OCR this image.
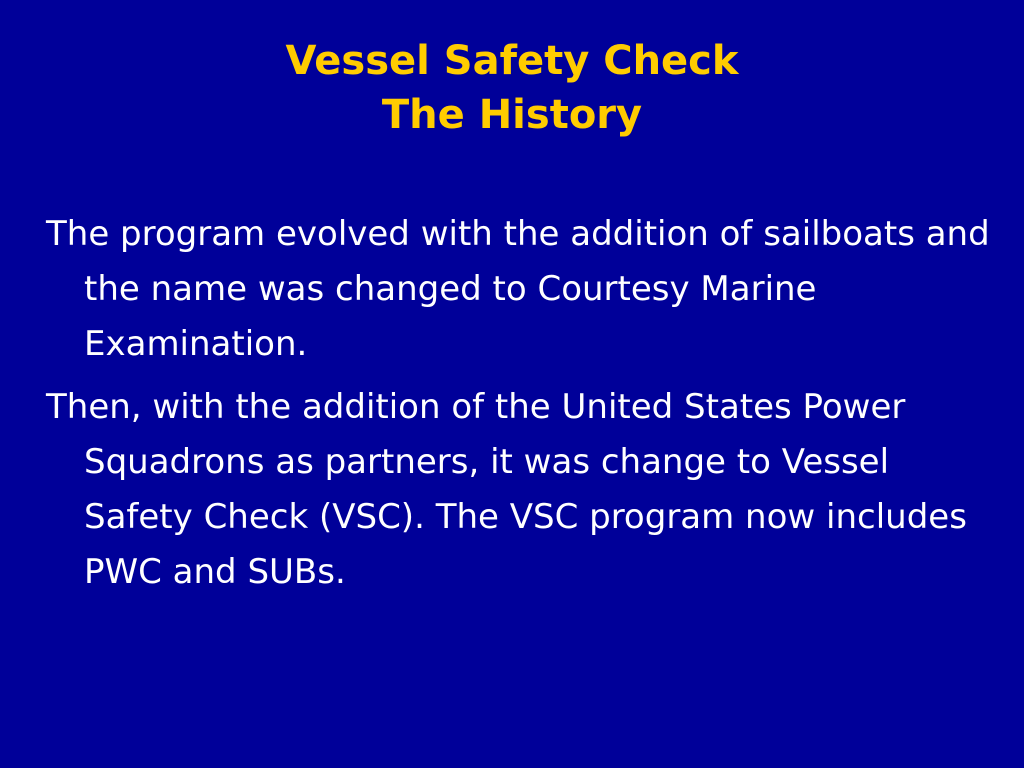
Vessel Safety Check
The History

The program evolved with the addition of sailboats and the name was changed to Courtesy Marine Examination.

Then, with the addition of the United States Power Squadrons as partners, it was change to Vessel Safety Check (VSC). The VSC program now includes PWC and SUBs.
